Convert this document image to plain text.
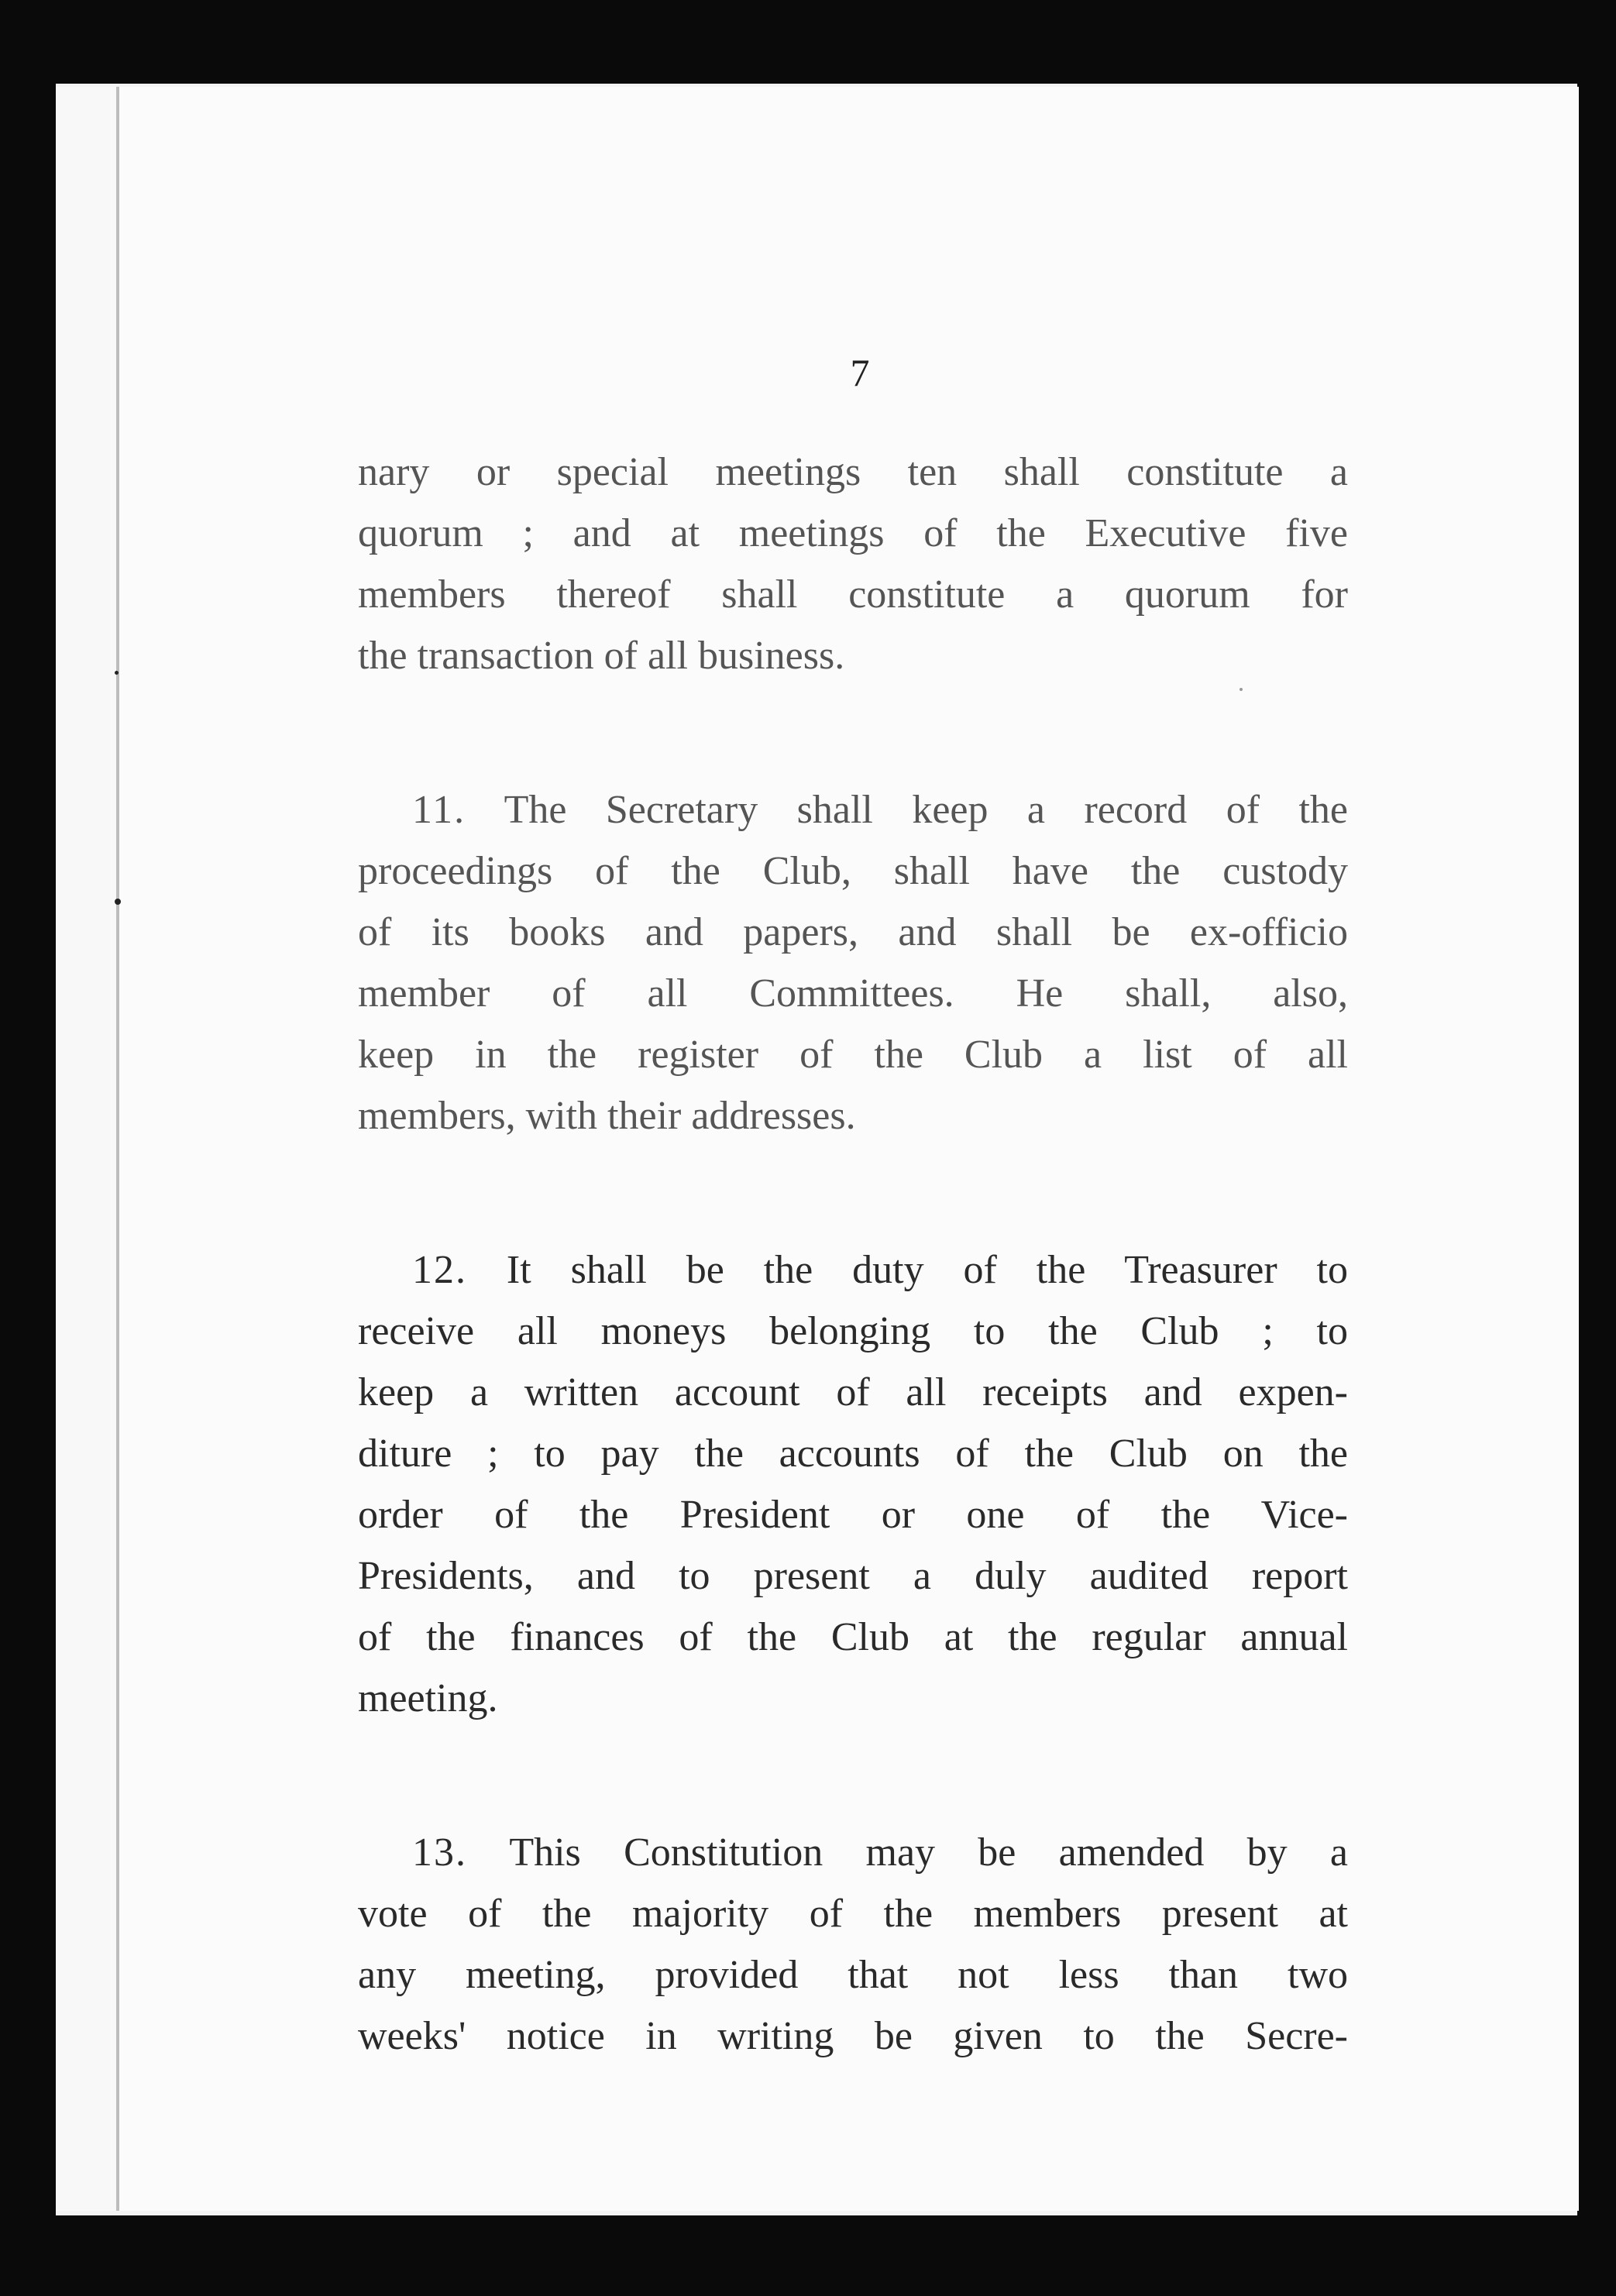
7

nary or special meetings ten shall constitute a
quorum ; and at meetings of the Executive five
members thereof shall constitute a quorum for
the transaction of all business.

11. The Secretary shall keep a record of the
proceedings of the Club, shall have the custody
of its books and papers, and shall be ex-officio
member of all Committees. He shall, also,
keep in the register of the Club a list of all
members, with their addresses.

12. It shall be the duty of the Treasurer to
receive all moneys belonging to the Club ; to
keep a written account of all receipts and expen-
diture ; to pay the accounts of the Club on the
order of the President or one of the Vice-
Presidents, and to present a duly audited report
of the finances of the Club at the regular annual
meeting.

13. This Constitution may be amended by a
vote of the majority of the members present at
any meeting, provided that not less than two
weeks' notice in writing be given to the Secre-
